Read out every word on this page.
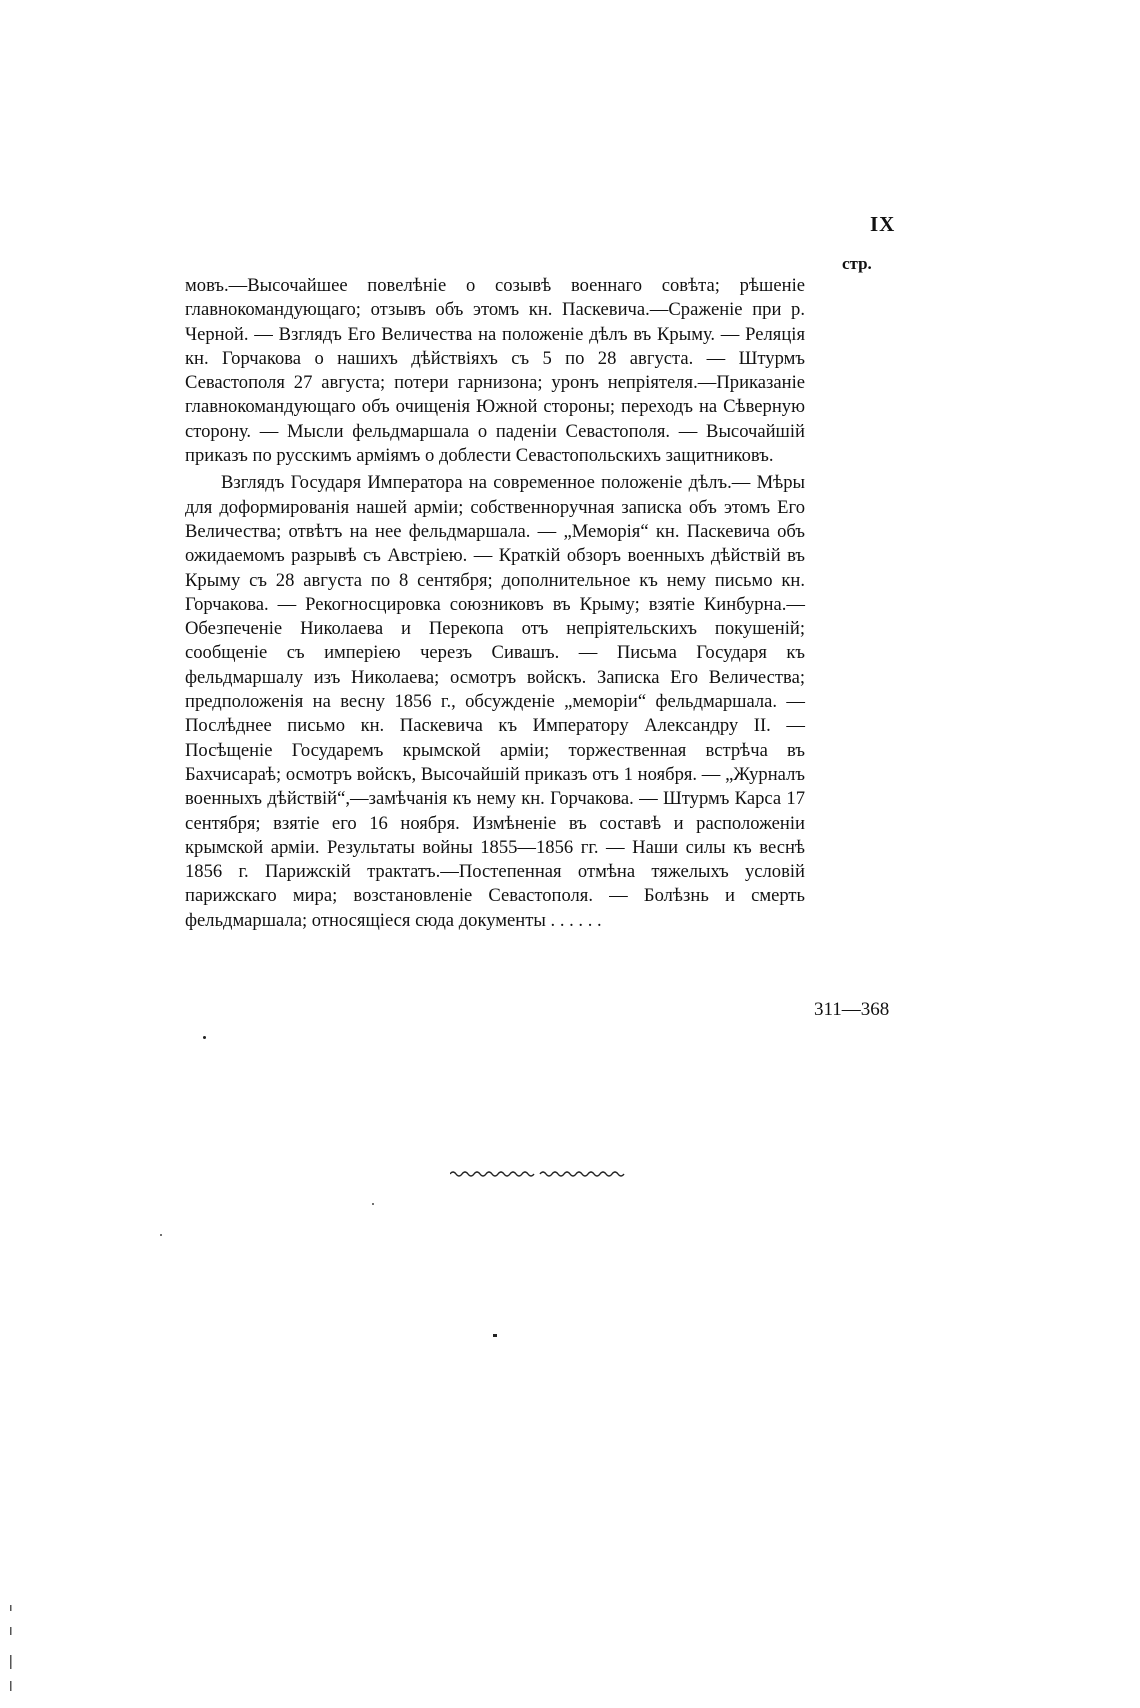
IX
стр.

мовъ.—Высочайшее повелѣніе о созывѣ военнаго совѣта; рѣшеніе главнокомандующаго; отзывъ объ этомъ кн. Паскевича.—Сраженіе при р. Черной. — Взглядъ Его Величества на положеніе дѣлъ въ Крыму. — Реляція кн. Горчакова о нашихъ дѣйствіяхъ съ 5 по 28 августа. — Штурмъ Севастополя 27 августа; потери гарнизона; уронъ непріятеля.—Приказаніе главнокомандующаго объ очищенія Южной стороны; переходъ на Сѣверную сторону. — Мысли фельдмаршала о паденіи Севастополя. — Высочайшій приказъ по русскимъ арміямъ о доблести Севастопольскихъ защитниковъ.

Взглядъ Государя Императора на современное положеніе дѣлъ.— Мѣры для доформированія нашей арміи; собственноручная записка объ этомъ Его Величества; отвѣтъ на нее фельдмаршала. — „Меморія“ кн. Паскевича объ ожидаемомъ разрывѣ съ Австріею. — Краткій обзоръ военныхъ дѣйствій въ Крыму съ 28 августа по 8 сентября; дополнительное къ нему письмо кн. Горчакова. — Рекогносцировка союзниковъ въ Крыму; взятіе Кинбурна.—Обезпеченіе Николаева и Перекопа отъ непріятельскихъ покушеній; сообщеніе съ имперіею черезъ Сивашъ. — Письма Государя къ фельдмаршалу изъ Николаева; осмотръ войскъ. Записка Его Величества; предположенія на весну 1856 г., обсужденіе „меморіи“ фельдмаршала. — Послѣднее письмо кн. Паскевича къ Императору Александру II. — Посѣщеніе Государемъ крымской арміи; торжественная встрѣча въ Бахчисараѣ; осмотръ войскъ, Высочайшій приказъ отъ 1 ноября. — „Журналъ военныхъ дѣйствій“,—замѣчанія къ нему кн. Горчакова. — Штурмъ Карса 17 сентября; взятіе его 16 ноября. Измѣненіе въ составѣ и расположеніи крымской арміи. Результаты войны 1855—1856 гг. — Наши силы къ веснѣ 1856 г. Парижскій трактатъ.—Постепенная отмѣна тяжелыхъ условій парижскаго мира; возстановленіе Севастополя. — Болѣзнь и смерть фельдмаршала; относящіеся сюда документы . . . . . .

311—368
